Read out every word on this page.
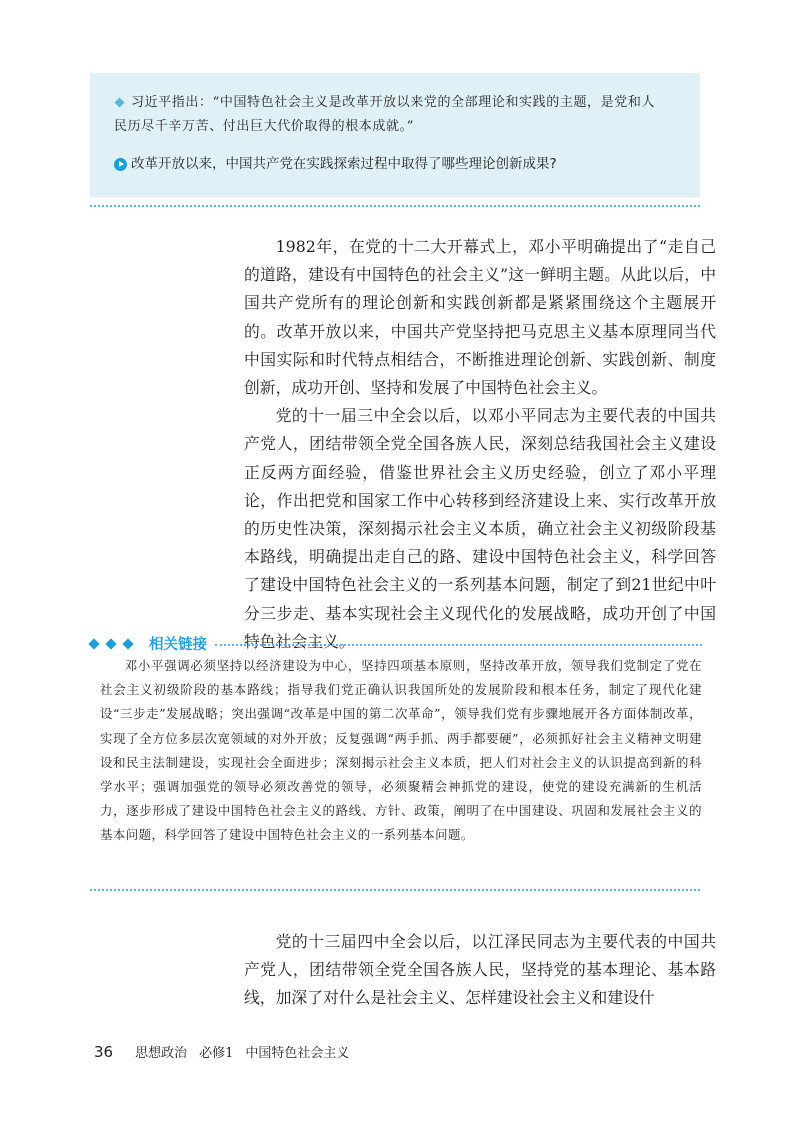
习近平指出：“中国特色社会主义是改革开放以来党的全部理论和实践的主题，是党和人
民历尽千辛万苦、付出巨大代价取得的根本成就。”
改革开放以来，中国共产党在实践探索过程中取得了哪些理论创新成果?

1982年，在党的十二大开幕式上，邓小平明确提出了“走自己的道路，建设有中国特色的社会主义”这一鲜明主题。从此以后，中国共产党所有的理论创新和实践创新都是紧紧围绕这个主题展开的。改革开放以来，中国共产党坚持把马克思主义基本原理同当代中国实际和时代特点相结合，不断推进理论创新、实践创新、制度创新，成功开创、坚持和发展了中国特色社会主义。

党的十一届三中全会以后，以邓小平同志为主要代表的中国共产党人，团结带领全党全国各族人民，深刻总结我国社会主义建设正反两方面经验，借鉴世界社会主义历史经验，创立了邓小平理论，作出把党和国家工作中心转移到经济建设上来、实行改革开放的历史性决策，深刻揭示社会主义本质，确立社会主义初级阶段基本路线，明确提出走自己的路、建设中国特色社会主义，科学回答了建设中国特色社会主义的一系列基本问题，制定了到21世纪中叶分三步走、基本实现社会主义现代化的发展战略，成功开创了中国特色社会主义。

相关链接

邓小平强调必须坚持以经济建设为中心，坚持四项基本原则，坚持改革开放，领导我们党制定了党在社会主义初级阶段的基本路线；指导我们党正确认识我国所处的发展阶段和根本任务，制定了现代化建设“三步走”发展战略；突出强调“改革是中国的第二次革命”，领导我们党有步骤地展开各方面体制改革，实现了全方位多层次宽领域的对外开放；反复强调“两手抓、两手都要硬”，必须抓好社会主义精神文明建设和民主法制建设，实现社会全面进步；深刻揭示社会主义本质，把人们对社会主义的认识提高到新的科学水平；强调加强党的领导必须改善党的领导，必须聚精会神抓党的建设，使党的建设充满新的生机活力，逐步形成了建设中国特色社会主义的路线、方针、政策，阐明了在中国建设、巩固和发展社会主义的基本问题，科学回答了建设中国特色社会主义的一系列基本问题。

党的十三届四中全会以后，以江泽民同志为主要代表的中国共产党人，团结带领全党全国各族人民，坚持党的基本理论、基本路线，加深了对什么是社会主义、怎样建设社会主义和建设什

36 思想政治 必修1 中国特色社会主义
